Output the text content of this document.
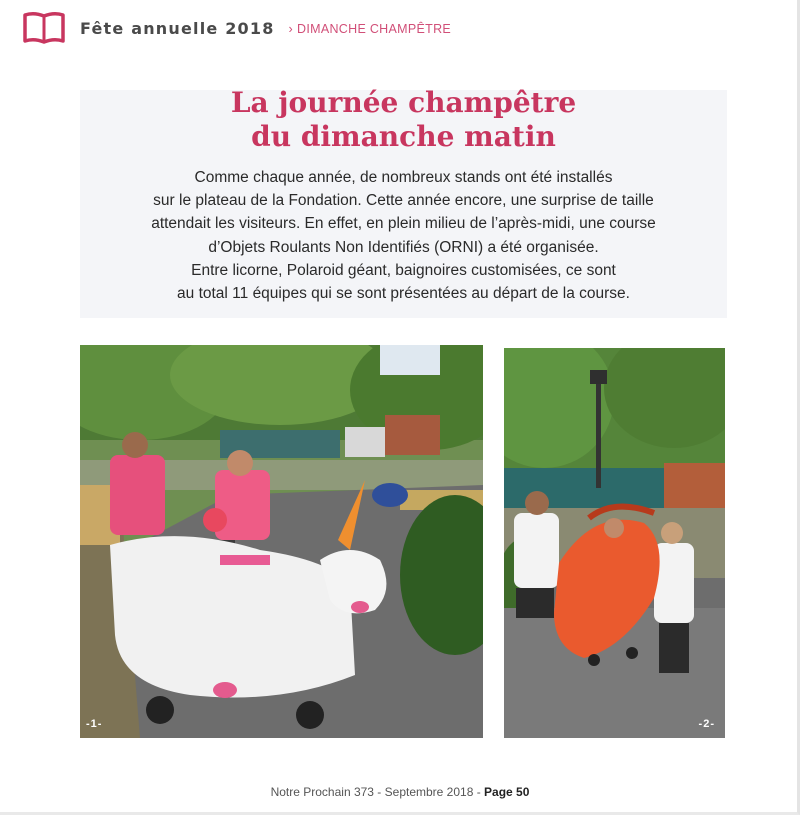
Fête annuelle 2018 › DIMANCHE CHAMPÊTRE
La journée champêtre
du dimanche matin

Comme chaque année, de nombreux stands ont été installés
sur le plateau de la Fondation. Cette année encore, une surprise de taille
attendait les visiteurs. En effet, en plein milieu de l’après-midi, une course
d’Objets Roulants Non Identifiés (ORNI) a été organisée.
Entre licorne, Polaroid géant, baignoires customisées, ce sont
au total 11 équipes qui se sont présentées au départ de la course.

-1-	-2-
Notre Prochain 373 - Septembre 2018 - Page 50
